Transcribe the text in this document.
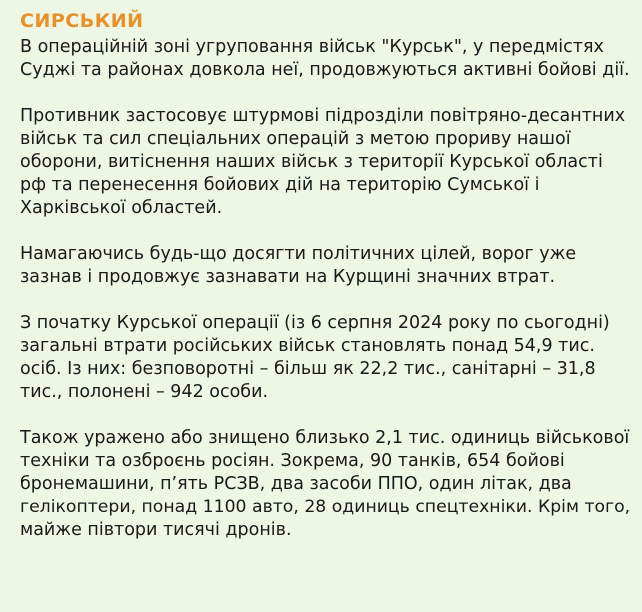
СИРСЬКИЙ
В операційній зоні угруповання військ "Курськ", у передмістях
Суджі та районах довкола неї, продовжуються активні бойові дії.
Противник застосовує штурмові підрозділи повітряно-десантних
військ та сил спеціальних операцій з метою прориву нашої
оборони, витіснення наших військ з території Курської області
рф та перенесення бойових дій на територію Сумської і
Харківської областей.
Намагаючись будь-що досягти політичних цілей, ворог уже
зазнав і продовжує зазнавати на Курщині значних втрат.
З початку Курської операції (із 6 серпня 2024 року по сьогодні)
загальні втрати російських військ становлять понад 54,9 тис.
осіб. Із них: безповоротні – більш як 22,2 тис., санітарні – 31,8
тис., полонені – 942 особи.
Також уражено або знищено близько 2,1 тис. одиниць військової
техніки та озброєнь росіян. Зокрема, 90 танків, 654 бойові
бронемашини, п’ять РСЗВ, два засоби ППО, один літак, два
гелікоптери, понад 1100 авто, 28 одиниць спецтехніки. Крім того,
майже півтори тисячі дронів.
